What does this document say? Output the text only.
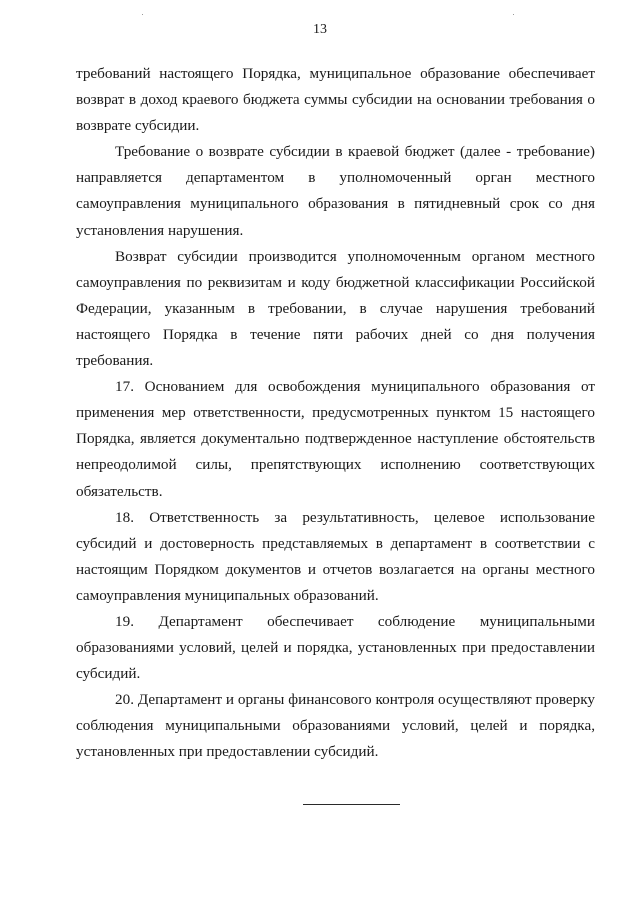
13

требований настоящего Порядка, муниципальное образование обеспечивает возврат в доход краевого бюджета суммы субсидии на основании требования о возврате субсидии.

Требование о возврате субсидии в краевой бюджет (далее - требование) направляется департаментом в уполномоченный орган местного самоуправления муниципального образования в пятидневный срок со дня установления нарушения.

Возврат субсидии производится уполномоченным органом местного самоуправления по реквизитам и коду бюджетной классификации Российской Федерации, указанным в требовании, в случае нарушения требований настоящего Порядка в течение пяти рабочих дней со дня получения требования.

17. Основанием для освобождения муниципального образования от применения мер ответственности, предусмотренных пунктом 15 настоящего Порядка, является документально подтвержденное наступление обстоятельств непреодолимой силы, препятствующих исполнению соответствующих обязательств.

18. Ответственность за результативность, целевое использование субсидий и достоверность представляемых в департамент в соответствии с настоящим Порядком документов и отчетов возлагается на органы местного самоуправления муниципальных образований.

19. Департамент обеспечивает соблюдение муниципальными образованиями условий, целей и порядка, установленных при предоставлении субсидий.

20. Департамент и органы финансового контроля осуществляют проверку соблюдения муниципальными образованиями условий, целей и порядка, установленных при предоставлении субсидий.
